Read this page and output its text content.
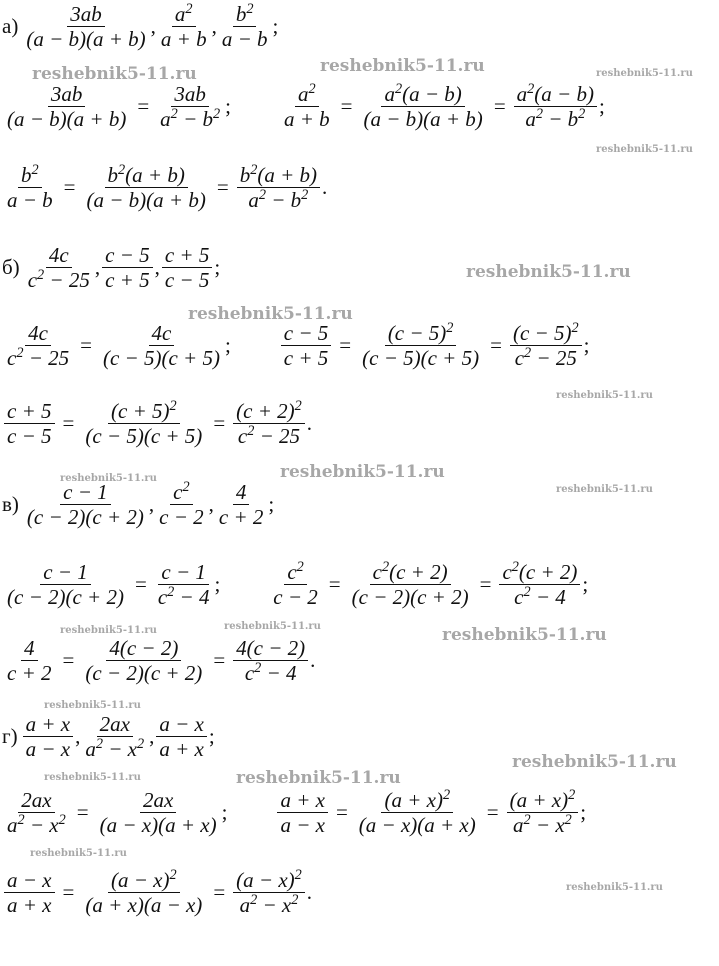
$а) \frac{3ab}{(a - b)(a + b)}$ , $\frac{a^2}{a + b}$ , $\frac{b^2}{a - b}$ ;
$\frac{3ab}{(a - b)(a + b)} = \frac{3ab}{a^2 - b^2}$ ; $\frac{a^2}{a + b} = \frac{a^2(a - b)}{(a - b)(a + b)} = \frac{a^2(a - b)}{a^2 - b^2}$ ;
$\frac{b^2}{a - b} = \frac{b^2(a + b)}{(a - b)(a + b)} = \frac{b^2(a + b)}{a^2 - b^2}$ .
$б) \frac{4c}{c^2 - 25}$ , $\frac{c - 5}{c + 5}$ , $\frac{c + 5}{c - 5}$ ;
$\frac{4c}{c^2 - 25} = \frac{4c}{(c - 5)(c + 5)}$ ; $\frac{c - 5}{c + 5} = \frac{(c - 5)^2}{(c - 5)(c + 5)} = \frac{(c - 5)^2}{c^2 - 25}$ ;
$\frac{c + 5}{c - 5} = \frac{(c + 5)^2}{(c - 5)(c + 5)} = \frac{(c + 2)^2}{c^2 - 25}$ .
$в) \frac{c - 1}{(c - 2)(c + 2)}$ , $\frac{c^2}{c - 2}$ , $\frac{4}{c + 2}$ ;
$\frac{c - 1}{(c - 2)(c + 2)} = \frac{c - 1}{c^2 - 4}$ ; $\frac{c^2}{c - 2} = \frac{c^2(c + 2)}{(c - 2)(c + 2)} = \frac{c^2(c + 2)}{c^2 - 4}$ ;
$\frac{4}{c + 2} = \frac{4(c - 2)}{(c - 2)(c + 2)} = \frac{4(c - 2)}{c^2 - 4}$ .
$г) \frac{a + x}{a - x}$ , $\frac{2ax}{a^2 - x^2}$ , $\frac{a - x}{a + x}$ ;
$\frac{2ax}{a^2 - x^2} = \frac{2ax}{(a - x)(a + x)}$ ; $\frac{a + x}{a - x} = \frac{(a + x)^2}{(a - x)(a + x)} = \frac{(a + x)^2}{a^2 - x^2}$ ;
$\frac{a - x}{a + x} = \frac{(a - x)^2}{(a + x)(a - x)} = \frac{(a - x)^2}{a^2 - x^2}$ .
reshebnik5-11.ru	reshebnik5-11.ru	reshebnik5-11.ru
reshebnik5-11.ru
reshebnik5-11.ru
reshebnik5-11.ru
reshebnik5-11.ru
reshebnik5-11.ru	reshebnik5-11.ru
reshebnik5-11.ru
reshebnik5-11.ru	reshebnik5-11.ru	reshebnik5-11.ru
reshebnik5-11.ru
reshebnik5-11.ru	reshebnik5-11.ru
reshebnik5-11.ru
reshebnik5-11.ru
reshebnik5-11.ru
